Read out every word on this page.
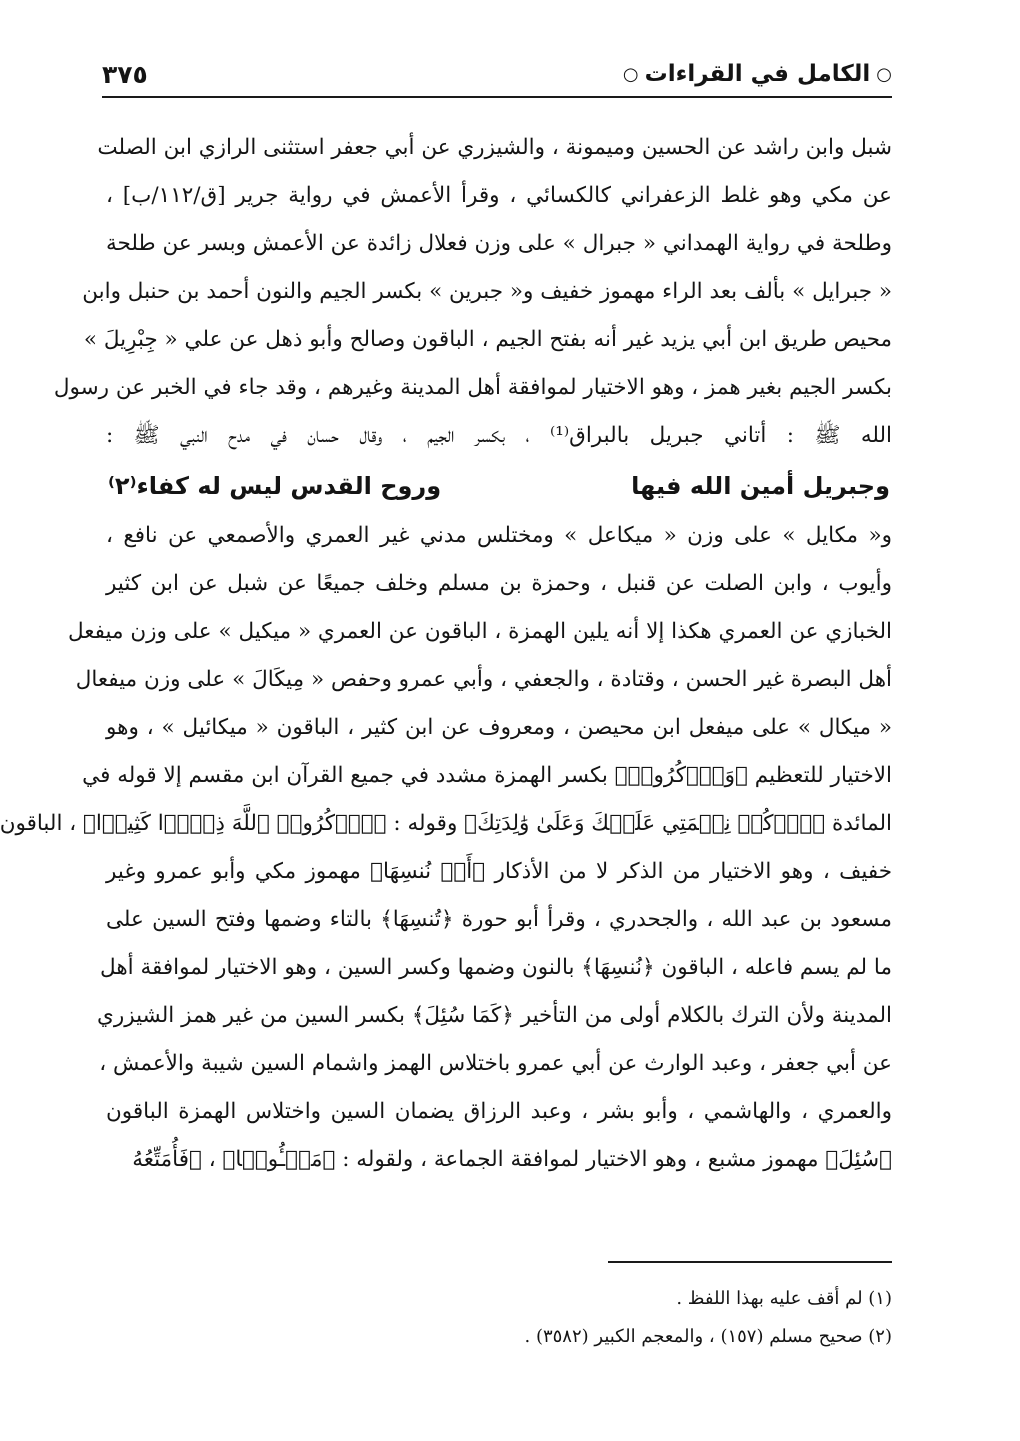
○
الكامل في القراءات
○
٣٧٥
شبل وابن راشد عن الحسين وميمونة ، والشيزري عن أبي جعفر استثنى الرازي ابن الصلت
عن مكي وهو غلط الزعفراني كالكسائي ، وقرأ الأعمش في رواية جرير [ق/١١٢/ب] ،
وطلحة في رواية الهمداني « جبرال » على وزن فعلال زائدة عن الأعمش وبسر عن طلحة
« جبرايل » بألف بعد الراء مهموز خفيف و« جبرين » بكسر الجيم والنون أحمد بن حنبل وابن
محيص طريق ابن أبي يزيد غير أنه بفتح الجيم ، الباقون وصالح وأبو ذهل عن علي « جِبْرِيلَ »
بكسر الجيم بغير همز ، وهو الاختيار لموافقة أهل المدينة وغيرهم ، وقد جاء في الخبر عن رسول
الله ﷺ : أتاني جبريل بالبراق⁽¹⁾ ، بكسر الجيم ، وقال حسان في مدح النبي ﷺ :
وجبريل أمين الله فيها
وروح القدس ليس له كفاء⁽٢⁾
و« مكايل » على وزن « ميكاعل » ومختلس مدني غير العمري والأصمعي عن نافع ،
وأيوب ، وابن الصلت عن قنبل ، وحمزة بن مسلم وخلف جميعًا عن شبل عن ابن كثير
الخبازي عن العمري هكذا إلا أنه يلين الهمزة ، الباقون عن العمري « ميكيل » على وزن ميفعل
أهل البصرة غير الحسن ، وقتادة ، والجعفي ، وأبي عمرو وحفص « مِيكَالَ » على وزن ميفعال
« ميكال » على ميفعل ابن محيصن ، ومعروف عن ابن كثير ، الباقون « ميكائيل » ، وهو
الاختيار للتعظيم ﴿وَٱذۡكُرُوا۟﴾ بكسر الهمزة مشدد في جميع القرآن ابن مقسم إلا قوله في
المائدة ﴿ٱذۡكُرۡ نِعۡمَتِي عَلَيۡكَ وَعَلَىٰ وَٰلِدَتِكَ﴾ وقوله : ﴿ٱذۡكُرُوا۟ ٱللَّهَ ذِكۡرࣰا كَثِيرࣰا﴾ ، الباقون
خفيف ، وهو الاختيار من الذكر لا من الأذكار ﴿أَوۡ نُنسِهَا﴾ مهموز مكي وأبو عمرو وغير
مسعود بن عبد الله ، والجحدري ، وقرأ أبو حورة ﴿تُنسِهَا﴾ بالتاء وضمها وفتح السين على
ما لم يسم فاعله ، الباقون ﴿نُنسِهَا﴾ بالنون وضمها وكسر السين ، وهو الاختيار لموافقة أهل
المدينة ولأن الترك بالكلام أولى من التأخير ﴿كَمَا سُئِلَ﴾ بكسر السين من غير همز الشيزري
عن أبي جعفر ، وعبد الوارث عن أبي عمرو باختلاس الهمز واشمام السين شيبة والأعمش ،
والعمري ، والهاشمي ، وأبو بشر ، وعبد الرزاق يضمان السين واختلاس الهمزة الباقون
﴿سُئِلَ﴾ مهموز مشبع ، وهو الاختيار لموافقة الجماعة ، ولقوله : ﴿مَسۡـُٔولࣰا﴾ ، ﴿فَأُمَتِّعُهُ
(١) لم أقف عليه بهذا اللفظ .
(٢) صحيح مسلم (١٥٧) ، والمعجم الكبير (٣٥٨٢) .
